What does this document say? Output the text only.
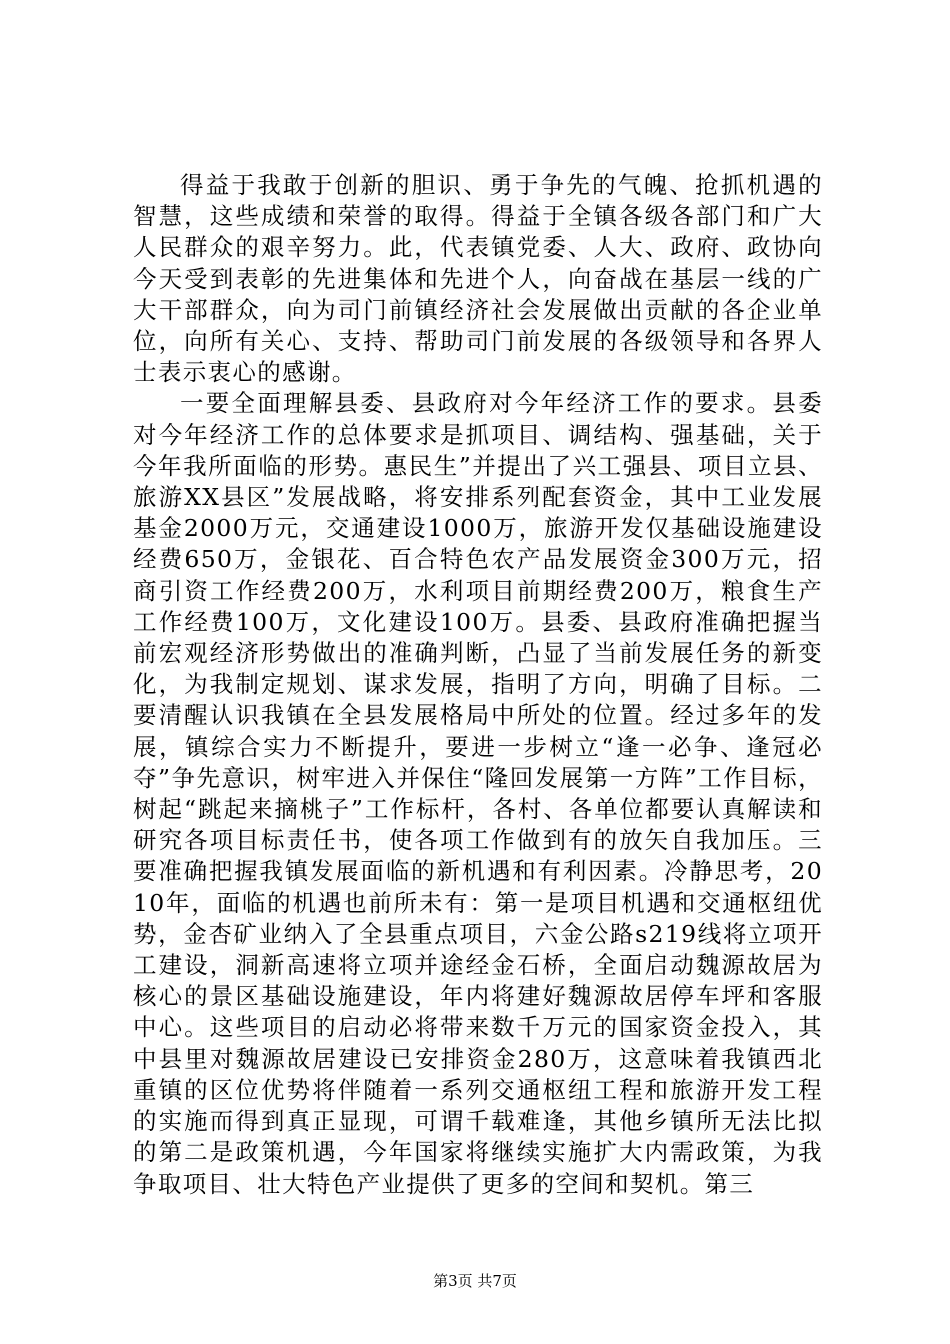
得益于我敢于创新的胆识、勇于争先的气魄、抢抓机遇的智慧，这些成绩和荣誉的取得。得益于全镇各级各部门和广大人民群众的艰辛努力。此，代表镇党委、人大、政府、政协向今天受到表彰的先进集体和先进个人，向奋战在基层一线的广大干部群众，向为司门前镇经济社会发展做出贡献的各企业单位，向所有关心、支持、帮助司门前发展的各级领导和各界人士表示衷心的感谢。

一要全面理解县委、县政府对今年经济工作的要求。县委对今年经济工作的总体要求是抓项目、调结构、强基础，关于今年我所面临的形势。惠民生”并提出了兴工强县、项目立县、旅游XX县区”发展战略，将安排系列配套资金，其中工业发展基金2000万元，交通建设1000万，旅游开发仅基础设施建设经费650万，金银花、百合特色农产品发展资金300万元，招商引资工作经费200万，水利项目前期经费200万，粮食生产工作经费100万，文化建设100万。县委、县政府准确把握当前宏观经济形势做出的准确判断，凸显了当前发展任务的新变化，为我制定规划、谋求发展，指明了方向，明确了目标。二要清醒认识我镇在全县发展格局中所处的位置。经过多年的发展，镇综合实力不断提升，要进一步树立“逢一必争、逢冠必夺”争先意识，树牢进入并保住“隆回发展第一方阵”工作目标，树起“跳起来摘桃子”工作标杆，各村、各单位都要认真解读和研究各项目标责任书，使各项工作做到有的放矢自我加压。三要准确把握我镇发展面临的新机遇和有利因素。冷静思考，2010年，面临的机遇也前所未有：第一是项目机遇和交通枢纽优势，金杏矿业纳入了全县重点项目，六金公路s219线将立项开工建设，洞新高速将立项并途经金石桥，全面启动魏源故居为核心的景区基础设施建设，年内将建好魏源故居停车坪和客服中心。这些项目的启动必将带来数千万元的国家资金投入，其中县里对魏源故居建设已安排资金280万，这意味着我镇西北重镇的区位优势将伴随着一系列交通枢纽工程和旅游开发工程的实施而得到真正显现，可谓千载难逢，其他乡镇所无法比拟的第二是政策机遇，今年国家将继续实施扩大内需政策，为我争取项目、壮大特色产业提供了更多的空间和契机。第三

第3页 共7页
